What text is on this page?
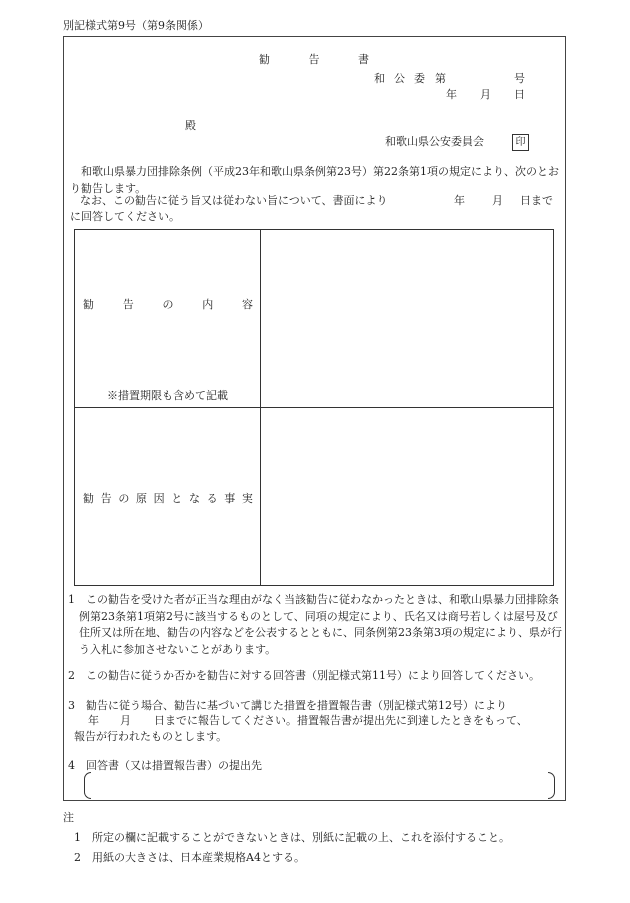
別記様式第9号（第9条関係）
勧	告	書
和 公 委 第	号
年 月 日
殿
和歌山県公安委員会	印
和歌山県暴力団排除条例（平成23年和歌山県条例第23号）第22条第1項の規定により、次のとおり勧告します。
なお、この勧告に従う旨又は従わない旨について、書面により	年 月 日まで
に回答してください。
勧	告	の	内	容
※措置期限も含めて記載
勧 告 の 原 因 と な る 事 実
1　この勧告を受けた者が正当な理由がなく当該勧告に従わなかったときは、和歌山県暴力団排除条例第23条第1項第2号に該当するものとして、同項の規定により、氏名又は商号若しくは屋号及び住所又は所在地、勧告の内容などを公表するとともに、同条例第23条第3項の規定により、県が行う入札に参加させないことがあります。
2　この勧告に従うか否かを勧告に対する回答書（別記様式第11号）により回答してください。
3　勧告に従う場合、勧告に基づいて講じた措置を措置報告書（別記様式第12号）により
年 月 日までに報告してください。措置報告書が提出先に到達したときをもって、
報告が行われたものとします。
4　回答書（又は措置報告書）の提出先
注
1　所定の欄に記載することができないときは、別紙に記載の上、これを添付すること。
2　用紙の大きさは、日本産業規格A4とする。
